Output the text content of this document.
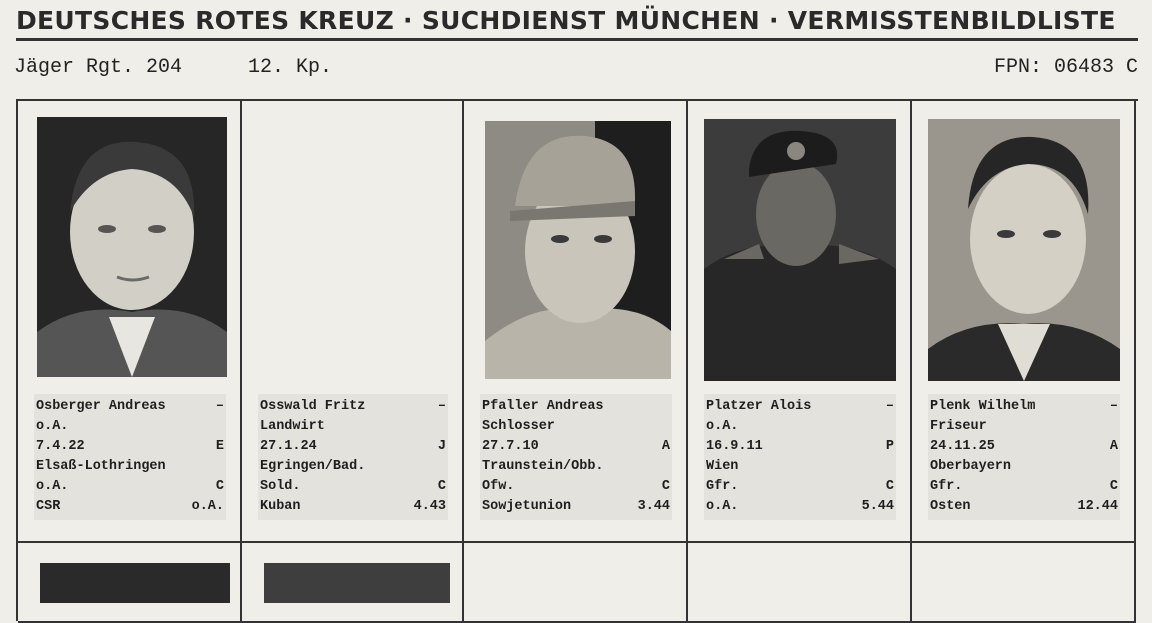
DEUTSCHES ROTES KREUZ · SUCHDIENST MÜNCHEN · VERMISSTENBILDLISTE
Jäger Rgt. 204	12. Kp.	FPN: 06483 C
Osberger Andreas	–
o.A.
7.4.22	E
Elsaß-Lothringen
o.A.	C
CSR	o.A.
Osswald Fritz	–
Landwirt
27.1.24	J
Egringen/Bad.
Sold.	C
Kuban	4.43
Pfaller Andreas
Schlosser
27.7.10	A
Traunstein/Obb.
Ofw.	C
Sowjetunion	3.44
Platzer Alois	–
o.A.
16.9.11	P
Wien
Gfr.	C
o.A.	5.44
Plenk Wilhelm	–
Friseur
24.11.25	A
Oberbayern
Gfr.	C
Osten	12.44
